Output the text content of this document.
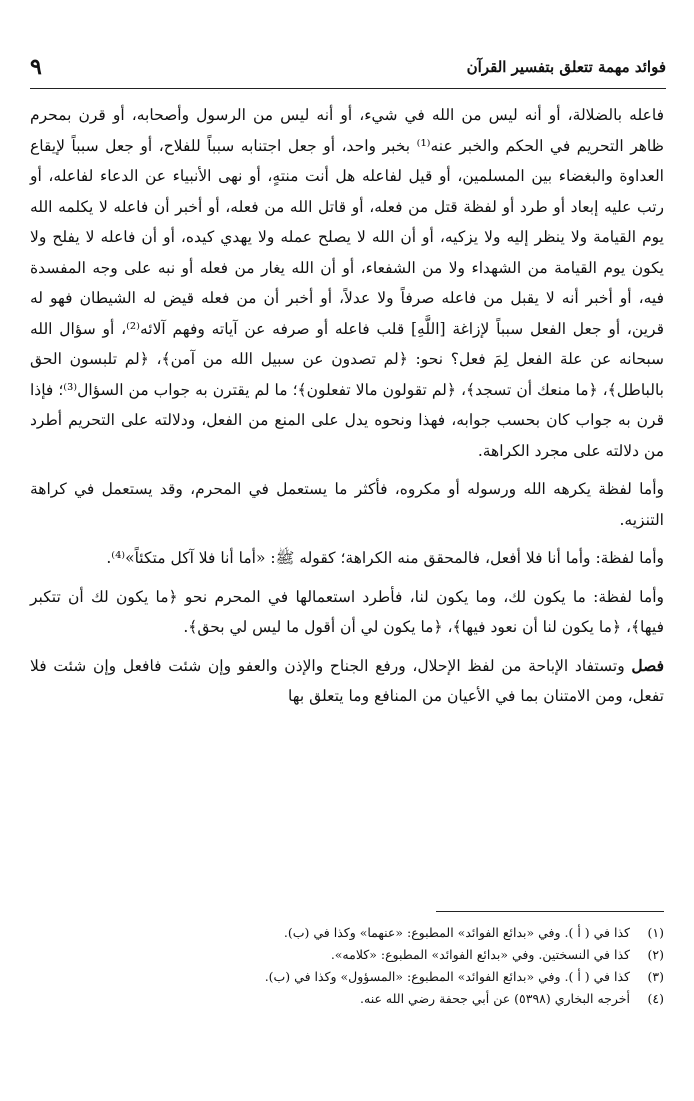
فوائد مهمة تتعلق بتفسير القرآن
٩

فاعله بالضلالة، أو أنه ليس من الله في شيء، أو أنه ليس من الرسول وأصحابه، أو قرن بمحرم ظاهر التحريم في الحكم والخبر عنه⁽¹⁾ بخبر واحد، أو جعل اجتنابه سبباً للفلاح، أو جعل سبباً لإيقاع العداوة والبغضاء بين المسلمين، أو قيل لفاعله هل أنت منتهٍ، أو نهى الأنبياء عن الدعاء لفاعله، أو رتب عليه إبعاد أو طرد أو لفظة قتل من فعله، أو قاتل الله من فعله، أو أخبر أن فاعله لا يكلمه الله يوم القيامة ولا ينظر إليه ولا يزكيه، أو أن الله لا يصلح عمله ولا يهدي كيده، أو أن فاعله لا يفلح ولا يكون يوم القيامة من الشهداء ولا من الشفعاء، أو أن الله يغار من فعله أو نبه على وجه المفسدة فيه، أو أخبر أنه لا يقبل من فاعله صرفاً ولا عدلاً، أو أخبر أن من فعله قيض له الشيطان فهو له قرين، أو جعل الفعل سبباً لإزاغة [اللَّهِ] قلب فاعله أو صرفه عن آياته وفهم آلائه⁽²⁾، أو سؤال الله سبحانه عن علة الفعل لِمَ فعل؟ نحو: ﴿لم تصدون عن سبيل الله من آمن﴾، ﴿لم تلبسون الحق بالباطل﴾، ﴿ما منعك أن تسجد﴾، ﴿لم تقولون مالا تفعلون﴾؛ ما لم يقترن به جواب من السؤال⁽³⁾؛ فإذا قرن به جواب كان بحسب جوابه، فهذا ونحوه يدل على المنع من الفعل، ودلالته على التحريم أطرد من دلالته على مجرد الكراهة.

وأما لفظة يكرهه الله ورسوله أو مكروه، فأكثر ما يستعمل في المحرم، وقد يستعمل في كراهة التنزيه.

وأما لفظة: وأما أنا فلا أفعل، فالمحقق منه الكراهة؛ كقوله ﷺ: «أما أنا فلا آكل متكئاً»⁽⁴⁾.

وأما لفظة: ما يكون لك، وما يكون لنا، فأطرد استعمالها في المحرم نحو ﴿ما يكون لك أن تتكبر فيها﴾، ﴿ما يكون لنا أن نعود فيها﴾، ﴿ما يكون لي أن أقول ما ليس لي بحق﴾.

فصل وتستفاد الإباحة من لفظ الإحلال، ورفع الجناح والإذن والعفو وإن شئت فافعل وإن شئت فلا تفعل، ومن الامتنان بما في الأعيان من المنافع وما يتعلق بها

(١)كذا في ( أ ). وفي «بدائع الفوائد» المطبوع: «عنهما» وكذا في (ب).
(٢)كذا في النسختين. وفي «بدائع الفوائد» المطبوع: «كلامه».
(٣)كذا في ( أ ). وفي «بدائع الفوائد» المطبوع: «المسؤول» وكذا في (ب).
(٤)أخرجه البخاري (٥٣٩٨) عن أبي جحفة رضي الله عنه.
